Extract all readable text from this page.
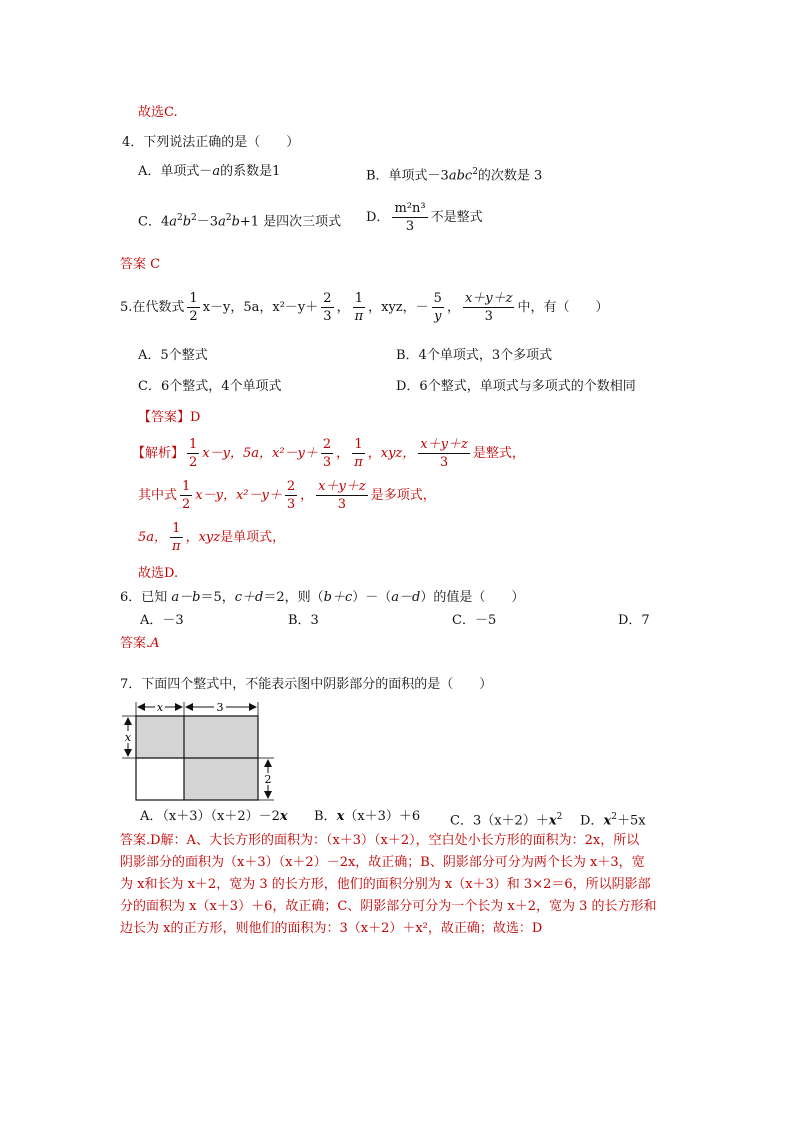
故选C.
4．下列说法正确的是（　　）
A．单项式－a的系数是1	B．单项式－3abc$^2$的次数是 3
C．$4a^2b^2-3a^2b+1$ 是四次三项式 D． $\frac{\text{m²n³}}{3}$ 不是整式
答案 C
5.在代数式 $\frac{1}{2} x-y$，5a，$x^2-y+ \frac{2}{3}$ ， $\frac{1}{\pi}$ ，xyz，－ $\frac{5}{y}$ ， $\frac{x+y+z}{3}$ 中，有（　　）
A．5个整式	B．4个单项式，3个多项式
C．6个整式，4个单项式	D．6个整式，单项式与多项式的个数相同
【答案】D
【解析】 $\frac{1}{2} x-y$，5a，$x^2-y+ \frac{2}{3}$ ， $\frac{1}{\pi}$ ，xyz， $\frac{x+y+z}{3}$ 是整式，
其中式 $\frac{1}{2} x-y$，$x^2-y+ \frac{2}{3}$ ， $\frac{x+y+z}{3}$ 是多项式，
5a， $\frac{1}{\pi}$ ，xyz是单项式，
故选D.
6．已知 a－b＝5，c＋d＝2，则（b＋c）－（a－d）的值是（　　）
A．－3	B．3	C．－5	D．7
答案.A
7．下面四个整式中，不能表示图中阴影部分的面积的是（　　）
x	3
x
2
A．（x＋3）（x＋2）－2x B．x（x＋3）＋6 C．$3(x+2)+x^2$ D．$x^2+5x$
答案.D解：A、大长方形的面积为：（x＋3）（x＋2），空白处小长方形的面积为：2x，所以
阴影部分的面积为（x＋3）（x＋2）－2x，故正确；B、阴影部分可分为两个长为 x＋3，宽
为 x和长为 x＋2，宽为 3 的长方形，他们的面积分别为 x（x＋3）和 3×2＝6，所以阴影部
分的面积为 x（x＋3）＋6，故正确；C、阴影部分可分为一个长为 x＋2，宽为 3 的长方形和
边长为 x的正方形，则他们的面积为：3（x＋2）＋x²，故正确；故选：D
